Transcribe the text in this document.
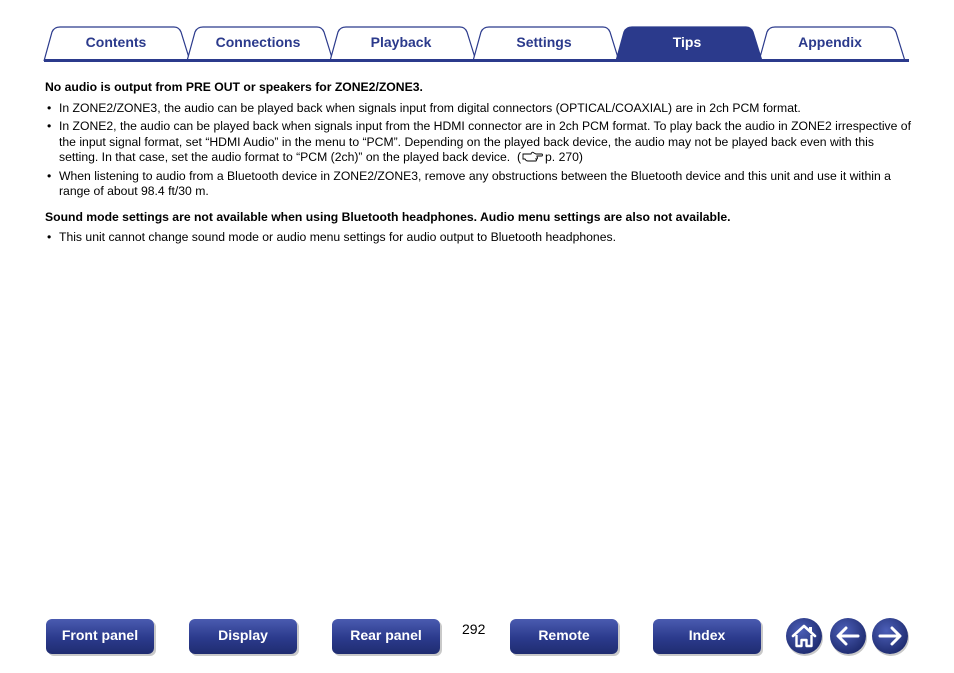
Contents	Connections	Playback	Settings	Tips	Appendix

No audio is output from PRE OUT or speakers for ZONE2/ZONE3.

• In ZONE2/ZONE3, the audio can be played back when signals input from digital connectors (OPTICAL/COAXIAL) are in 2ch PCM format.
• In ZONE2, the audio can be played back when signals input from the HDMI connector are in 2ch PCM format. To play back the audio in ZONE2 irrespective of the input signal format, set “HDMI Audio” in the menu to “PCM”. Depending on the played back device, the audio may not be played back even with this setting. In that case, set the audio format to “PCM (2ch)” on the played back device.  ( p. 270)
• When listening to audio from a Bluetooth device in ZONE2/ZONE3, remove any obstructions between the Bluetooth device and this unit and use it within a range of about 98.4 ft/30 m.

Sound mode settings are not available when using Bluetooth headphones. Audio menu settings are also not available.

• This unit cannot change sound mode or audio menu settings for audio output to Bluetooth headphones.
292
Front panel	Display	Rear panel	Remote	Index
